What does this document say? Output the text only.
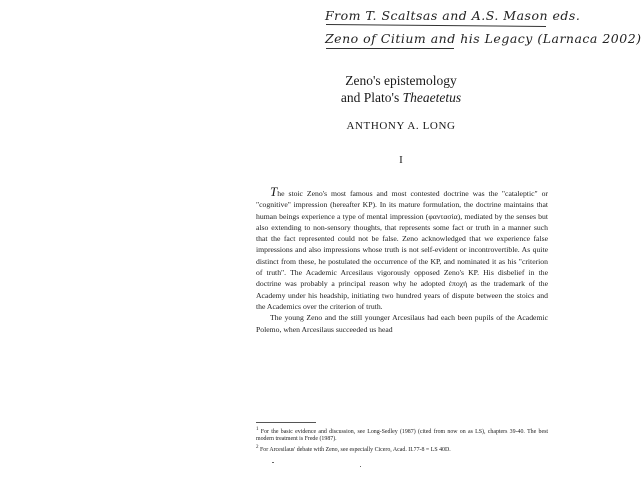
From T. Scaltsas and A.S. Mason eds.
Zeno of Citium and his Legacy (Larnaca 2002)
Zeno's epistemology
and Plato's Theaetetus
ANTHONY A. LONG
I

The stoic Zeno's most famous and most contested doctrine was the "cataleptic" or "cognitive" impression (hereafter KP). In its mature formulation, the doctrine maintains that human beings experience a type of mental impression (φαντασία), mediated by the senses but also extending to non-sensory thoughts, that represents some fact or truth in a manner such that the fact represented could not be false. Zeno acknowledged that we experience false impressions and also impressions whose truth is not self-evident or incontrovertible. As quite distinct from these, he postulated the occurrence of the KP, and nominated it as his "criterion of truth". The Academic Arcesilaus vigorously opposed Zeno's KP. His disbelief in the doctrine was probably a principal reason why he adopted ἐποχή as the trademark of the Academy under his headship, initiating two hundred years of dispute between the stoics and the Academics over the criterion of truth.

The young Zeno and the still younger Arcesilaus had each been pupils of the Academic Polemo, when Arcesilaus succeeded us head

$^1$ For the basic evidence and discussion, see Long-Sedley (1987) (cited from now on as LS), chapters 39-40. The best modern treatment is Frede (1987).

$^2$ For Arcesilaus' debate with Zeno, see especially Cicero, Acad. II.77-8 = LS 40D.
